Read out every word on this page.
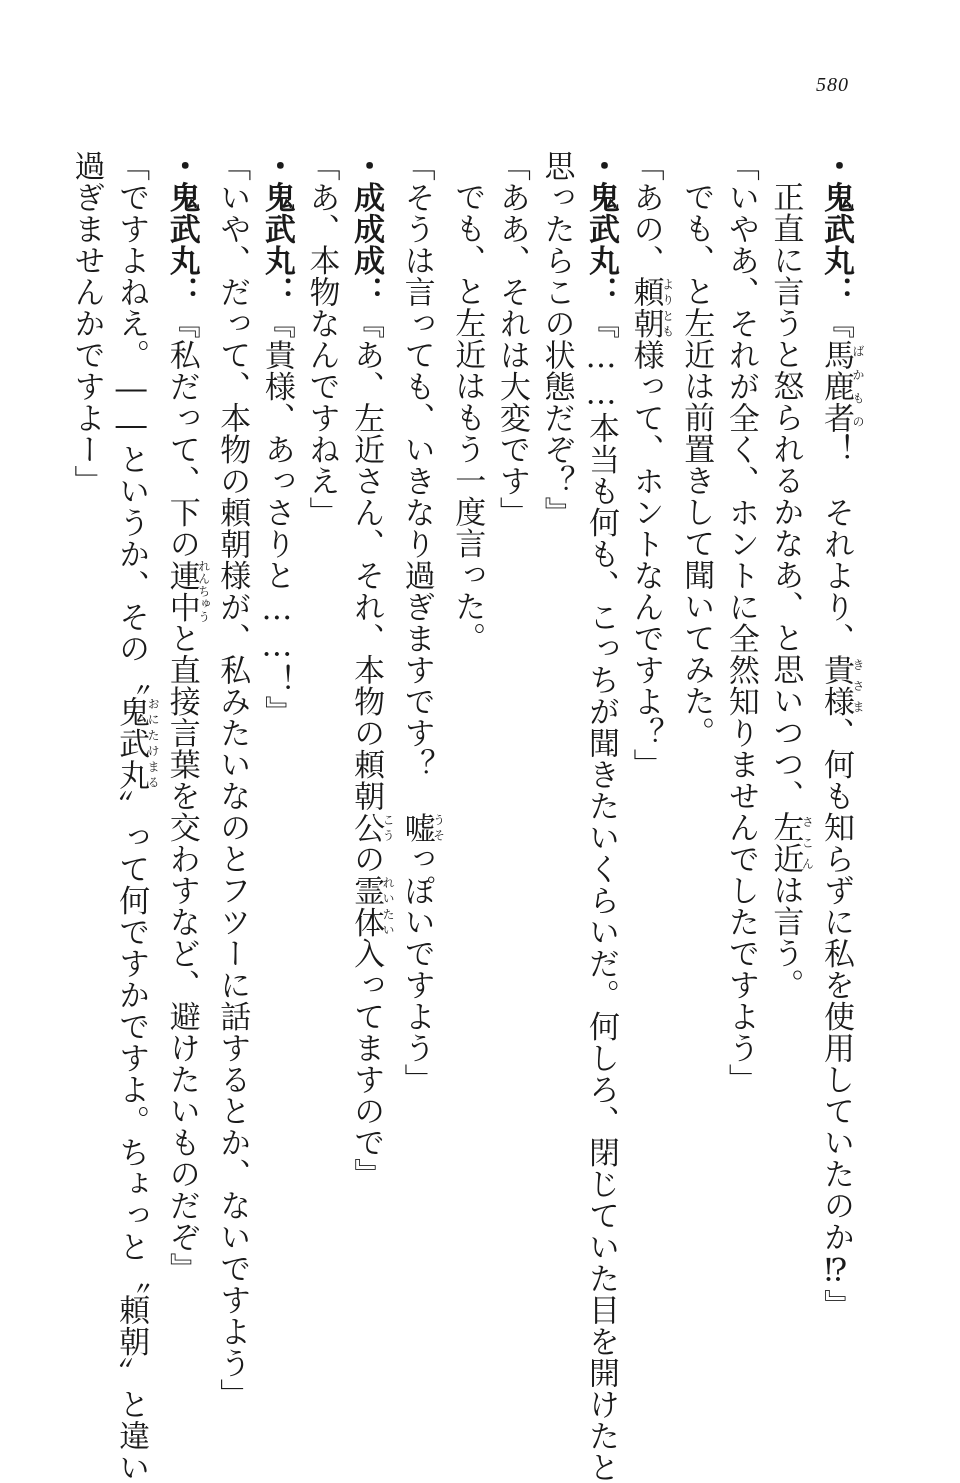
580
・鬼武丸：『馬鹿者ばかもの！　それより、貴様きさま、何も知らずに私を使用していたのか⁉』
正直に言うと怒られるかなあ、と思いつつ、左近さこんは言う。
「いやあ、それが全く、ホントに全然知りませんでしたですよう」
でも、と左近は前置きして聞いてみた。
「あの、頼朝よりとも様って、ホントなんですよ？」
・鬼武丸：『……本当も何も、こっちが聞きたいくらいだ。何しろ、閉じていた目を開けたと
思ったらこの状態だぞ？』
「ああ、それは大変です」
でも、と左近はもう一度言った。
「そうは言っても、いきなり過ぎますです？　嘘うそっぽいですよう」
・成成成：『あ、左近さん、それ、本物の頼朝公こうの霊体れいたい入ってますので』
「あ、本物なんですねえ」
・鬼武丸：『貴様、あっさりと……！』
「いや、だって、本物の頼朝様が、私みたいなのとフツーに話するとか、ないですよう」
・鬼武丸：『私だって、下の連中れんちゅうと直接言葉を交わすなど、避けたいものだぞ』
「ですよねえ。――というか、その〝鬼武丸おにたけまる〟って何ですかですよ。ちょっと〝頼朝〟と違い
過ぎませんかですよー」
